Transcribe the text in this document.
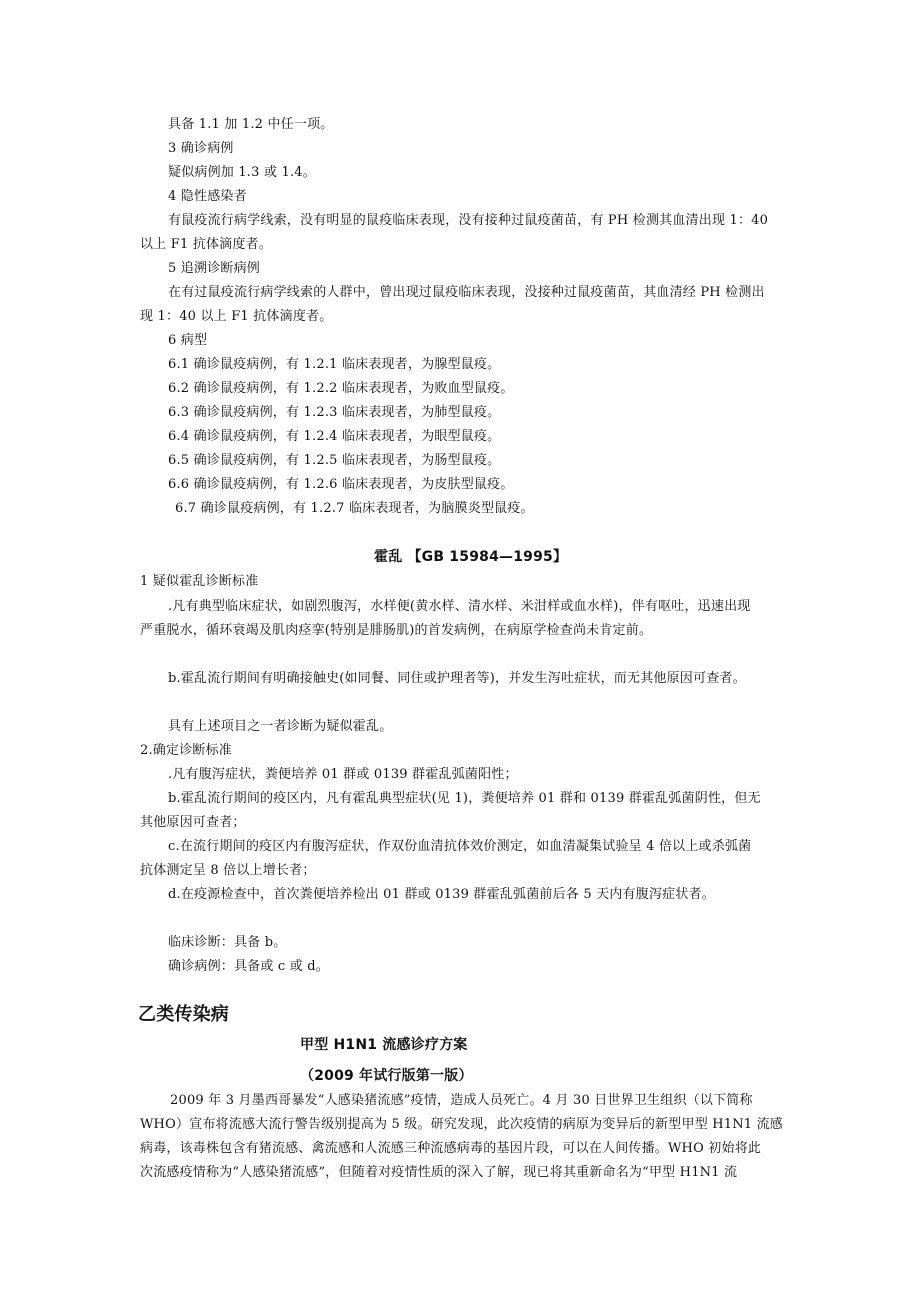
具备 1.1 加 1.2 中任一项。
3 确诊病例
疑似病例加 1.3 或 1.4。
4 隐性感染者
有鼠疫流行病学线索，没有明显的鼠疫临床表现，没有接种过鼠疫菌苗，有 PH 检测其血清出现 1：40
以上 F1 抗体滴度者。
5 追溯诊断病例
在有过鼠疫流行病学线索的人群中，曾出现过鼠疫临床表现，没接种过鼠疫菌苗，其血清经 PH 检测出
现 1：40 以上 F1 抗体滴度者。
6 病型
6.1 确诊鼠疫病例，有 1.2.1 临床表现者，为腺型鼠疫。
6.2 确诊鼠疫病例，有 1.2.2 临床表现者，为败血型鼠疫。
6.3 确诊鼠疫病例，有 1.2.3 临床表现者，为肺型鼠疫。
6.4 确诊鼠疫病例，有 1.2.4 临床表现者，为眼型鼠疫。
6.5 确诊鼠疫病例，有 1.2.5 临床表现者，为肠型鼠疫。
6.6 确诊鼠疫病例，有 1.2.6 临床表现者，为皮肤型鼠疫。
6.7 确诊鼠疫病例，有 1.2.7 临床表现者，为脑膜炎型鼠疫。
霍乱 【GB 15984—1995】
1 疑似霍乱诊断标准
.凡有典型临床症状，如剧烈腹泻，水样便(黄水样、清水样、米泔样或血水样)，伴有呕吐，迅速出现
严重脱水，循环衰竭及肌肉痉挛(特别是腓肠肌)的首发病例，在病原学检查尚未肯定前。
b.霍乱流行期间有明确接触史(如同餐、同住或护理者等)，并发生泻吐症状，而无其他原因可查者。
具有上述项目之一者诊断为疑似霍乱。
2.确定诊断标准
.凡有腹泻症状，粪便培养 01 群或 0139 群霍乱弧菌阳性；
b.霍乱流行期间的疫区内，凡有霍乱典型症状(见 1)，粪便培养 01 群和 0139 群霍乱弧菌阴性，但无
其他原因可查者；
c.在流行期间的疫区内有腹泻症状，作双份血清抗体效价测定，如血清凝集试验呈 4 倍以上或杀弧菌
抗体测定呈 8 倍以上增长者；
d.在疫源检查中，首次粪便培养检出 01 群或 0139 群霍乱弧菌前后各 5 天内有腹泻症状者。
临床诊断：具备 b。
确诊病例：具备或 c 或 d。
乙类传染病
甲型 H1N1 流感诊疗方案
（2009 年试行版第一版）
2009 年 3 月墨西哥暴发“人感染猪流感”疫情，造成人员死亡。4 月 30 日世界卫生组织（以下简称
WHO）宣布将流感大流行警告级别提高为 5 级。研究发现，此次疫情的病原为变异后的新型甲型 H1N1 流感
病毒，该毒株包含有猪流感、禽流感和人流感三种流感病毒的基因片段，可以在人间传播。WHO 初始将此
次流感疫情称为“人感染猪流感”，但随着对疫情性质的深入了解，现已将其重新命名为“甲型 H1N1 流
